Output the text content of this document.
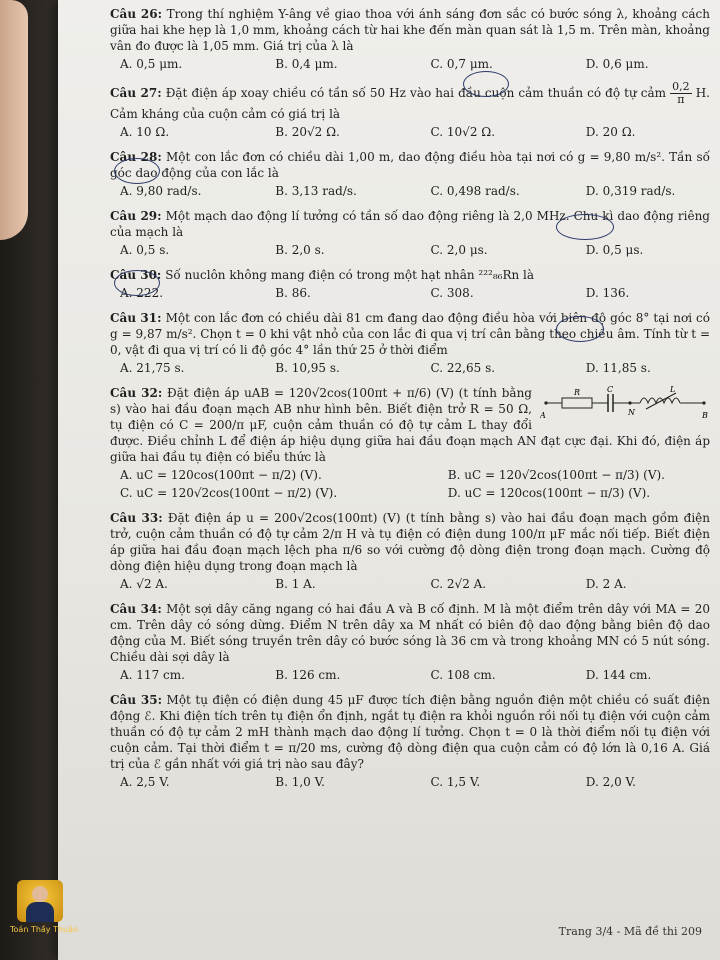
Câu 26: Trong thí nghiệm Y-âng về giao thoa với ánh sáng đơn sắc có bước sóng λ, khoảng cách giữa hai khe hẹp là 1,0 mm, khoảng cách từ hai khe đến màn quan sát là 1,5 m. Trên màn, khoảng vân đo được là 1,05 mm. Giá trị của λ là
A. 0,5 μm.	B. 0,4 μm.	C. 0,7 μm.	D. 0,6 μm.
Câu 27: Đặt điện áp xoay chiều có tần số 50 Hz vào hai đầu cuộn cảm thuần có độ tự cảm $\frac{0,2}{\pi} H$. Cảm kháng của cuộn cảm có giá trị là
A. 10 Ω.	B. 20√2 Ω.	C. 10√2 Ω.	D. 20 Ω.
Câu 28: Một con lắc đơn có chiều dài 1,00 m, dao động điều hòa tại nơi có g = 9,80 m/s². Tần số góc dao động của con lắc là
A. 9,80 rad/s.	B. 3,13 rad/s.	C. 0,498 rad/s.	D. 0,319 rad/s.
Câu 29: Một mạch dao động lí tưởng có tần số dao động riêng là 2,0 MHz. Chu kì dao động riêng của mạch là
A. 0,5 s.	B. 2,0 s.	C. 2,0 μs.	D. 0,5 μs.
Câu 30: Số nuclôn không mang điện có trong một hạt nhân ²²²₈₆Rn là
A. 222.	B. 86.	C. 308.	D. 136.
Câu 31: Một con lắc đơn có chiều dài 81 cm đang dao động điều hòa với biên độ góc 8° tại nơi có g = 9,87 m/s². Chọn t = 0 khi vật nhỏ của con lắc đi qua vị trí cân bằng theo chiều âm. Tính từ t = 0, vật đi qua vị trí có li độ góc 4° lần thứ 25 ở thời điểm
A. 21,75 s.	B. 10,95 s.	C. 22,65 s.	D. 11,85 s.
A
R	C
N
L
B
Câu 32: Đặt điện áp uAB = 120√2cos(100πt + π/6) (V) (t tính bằng s) vào hai đầu đoạn mạch AB như hình bên. Biết điện trở R = 50 Ω, tụ điện có C = 200/π μF, cuộn cảm thuần có độ tự cảm L thay đổi được. Điều chỉnh L để điện áp hiệu dụng giữa hai đầu đoạn mạch AN đạt cực đại. Khi đó, điện áp giữa hai đầu tụ điện có biểu thức là
A. uC = 120cos(100πt − π/2) (V).	B. uC = 120√2cos(100πt − π/3) (V).
C. uC = 120√2cos(100πt − π/2) (V).	D. uC = 120cos(100πt − π/3) (V).
Câu 33: Đặt điện áp u = 200√2cos(100πt) (V) (t tính bằng s) vào hai đầu đoạn mạch gồm điện trở, cuộn cảm thuần có độ tự cảm 2/π H và tụ điện có điện dung 100/π μF mắc nối tiếp. Biết điện áp giữa hai đầu đoạn mạch lệch pha π/6 so với cường độ dòng điện trong đoạn mạch. Cường độ dòng điện hiệu dụng trong đoạn mạch là
A. √2 A.	B. 1 A.	C. 2√2 A.	D. 2 A.
Câu 34: Một sợi dây căng ngang có hai đầu A và B cố định. M là một điểm trên dây với MA = 20 cm. Trên dây có sóng dừng. Điểm N trên dây xa M nhất có biên độ dao động bằng biên độ dao động của M. Biết sóng truyền trên dây có bước sóng là 36 cm và trong khoảng MN có 5 nút sóng. Chiều dài sợi dây là
A. 117 cm.	B. 126 cm.	C. 108 cm.	D. 144 cm.
Câu 35: Một tụ điện có điện dung 45 μF được tích điện bằng nguồn điện một chiều có suất điện động ℰ. Khi điện tích trên tụ điện ổn định, ngắt tụ điện ra khỏi nguồn rồi nối tụ điện với cuộn cảm thuần có độ tự cảm 2 mH thành mạch dao động lí tưởng. Chọn t = 0 là thời điểm nối tụ điện với cuộn cảm. Tại thời điểm t = π/20 ms, cường độ dòng điện qua cuộn cảm có độ lớn là 0,16 A. Giá trị của ℰ gần nhất với giá trị nào sau đây?
A. 2,5 V.	B. 1,0 V.	C. 1,5 V.	D. 2,0 V.
Trang 3/4 - Mã đề thi 209
Toán Thầy Thuận
